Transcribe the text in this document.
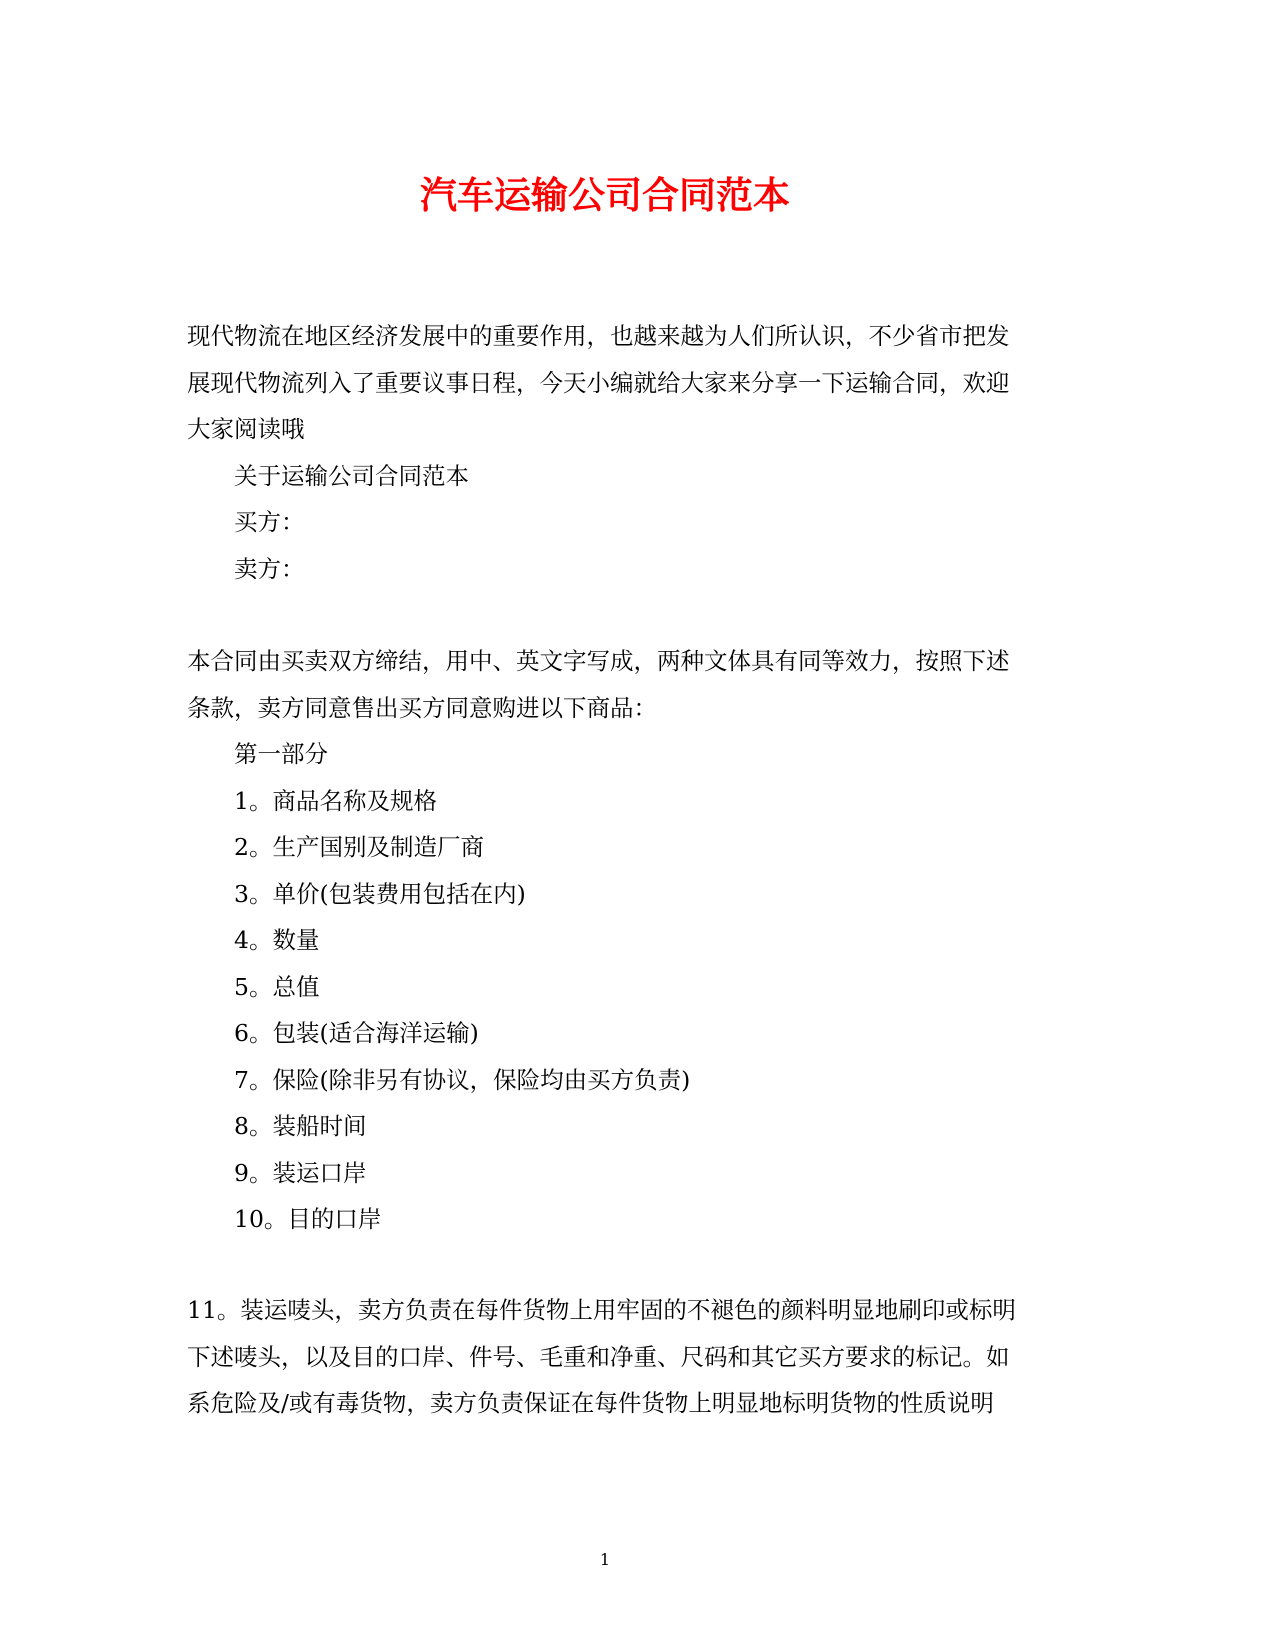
汽车运输公司合同范本
现代物流在地区经济发展中的重要作用，也越来越为人们所认识，不少省市把发
展现代物流列入了重要议事日程，今天小编就给大家来分享一下运输合同，欢迎
大家阅读哦
关于运输公司合同范本
买方：
卖方：
本合同由买卖双方缔结，用中、英文字写成，两种文体具有同等效力，按照下述
条款，卖方同意售出买方同意购进以下商品：
第一部分
1。商品名称及规格
2。生产国别及制造厂商
3。单价(包装费用包括在内)
4。数量
5。总值
6。包装(适合海洋运输)
7。保险(除非另有协议，保险均由买方负责)
8。装船时间
9。装运口岸
10。目的口岸
11。装运唛头，卖方负责在每件货物上用牢固的不褪色的颜料明显地刷印或标明
下述唛头，以及目的口岸、件号、毛重和净重、尺码和其它买方要求的标记。如
系危险及/或有毒货物，卖方负责保证在每件货物上明显地标明货物的性质说明
1
